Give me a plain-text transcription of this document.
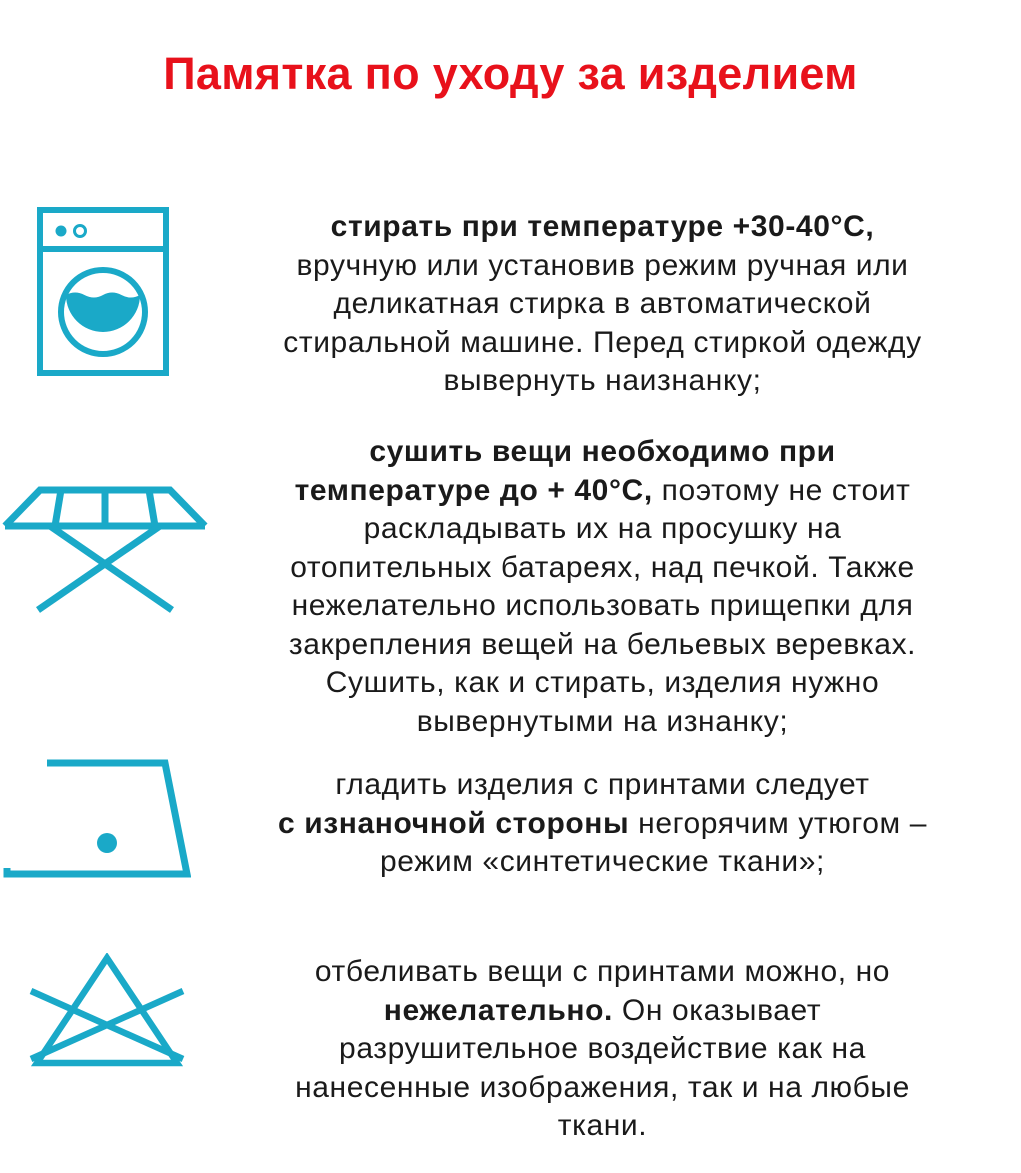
Памятка по уходу за изделием
стирать при температуре +30-40°С,
вручную или установив режим ручная или
деликатная стирка в автоматической
стиральной машине. Перед стиркой одежду
вывернуть наизнанку;
сушить вещи необходимо при
температуре до + 40°С, поэтому не стоит
раскладывать их на просушку на
отопительных батареях, над печкой. Также
нежелательно использовать прищепки для
закрепления вещей на бельевых веревках.
Сушить, как и стирать, изделия нужно
вывернутыми на изнанку;
гладить изделия с принтами следует
с изнаночной стороны негорячим утюгом –
режим «синтетические ткани»;
отбеливать вещи с принтами можно, но
нежелательно. Он оказывает
разрушительное воздействие как на
нанесенные изображения, так и на любые
ткани.
